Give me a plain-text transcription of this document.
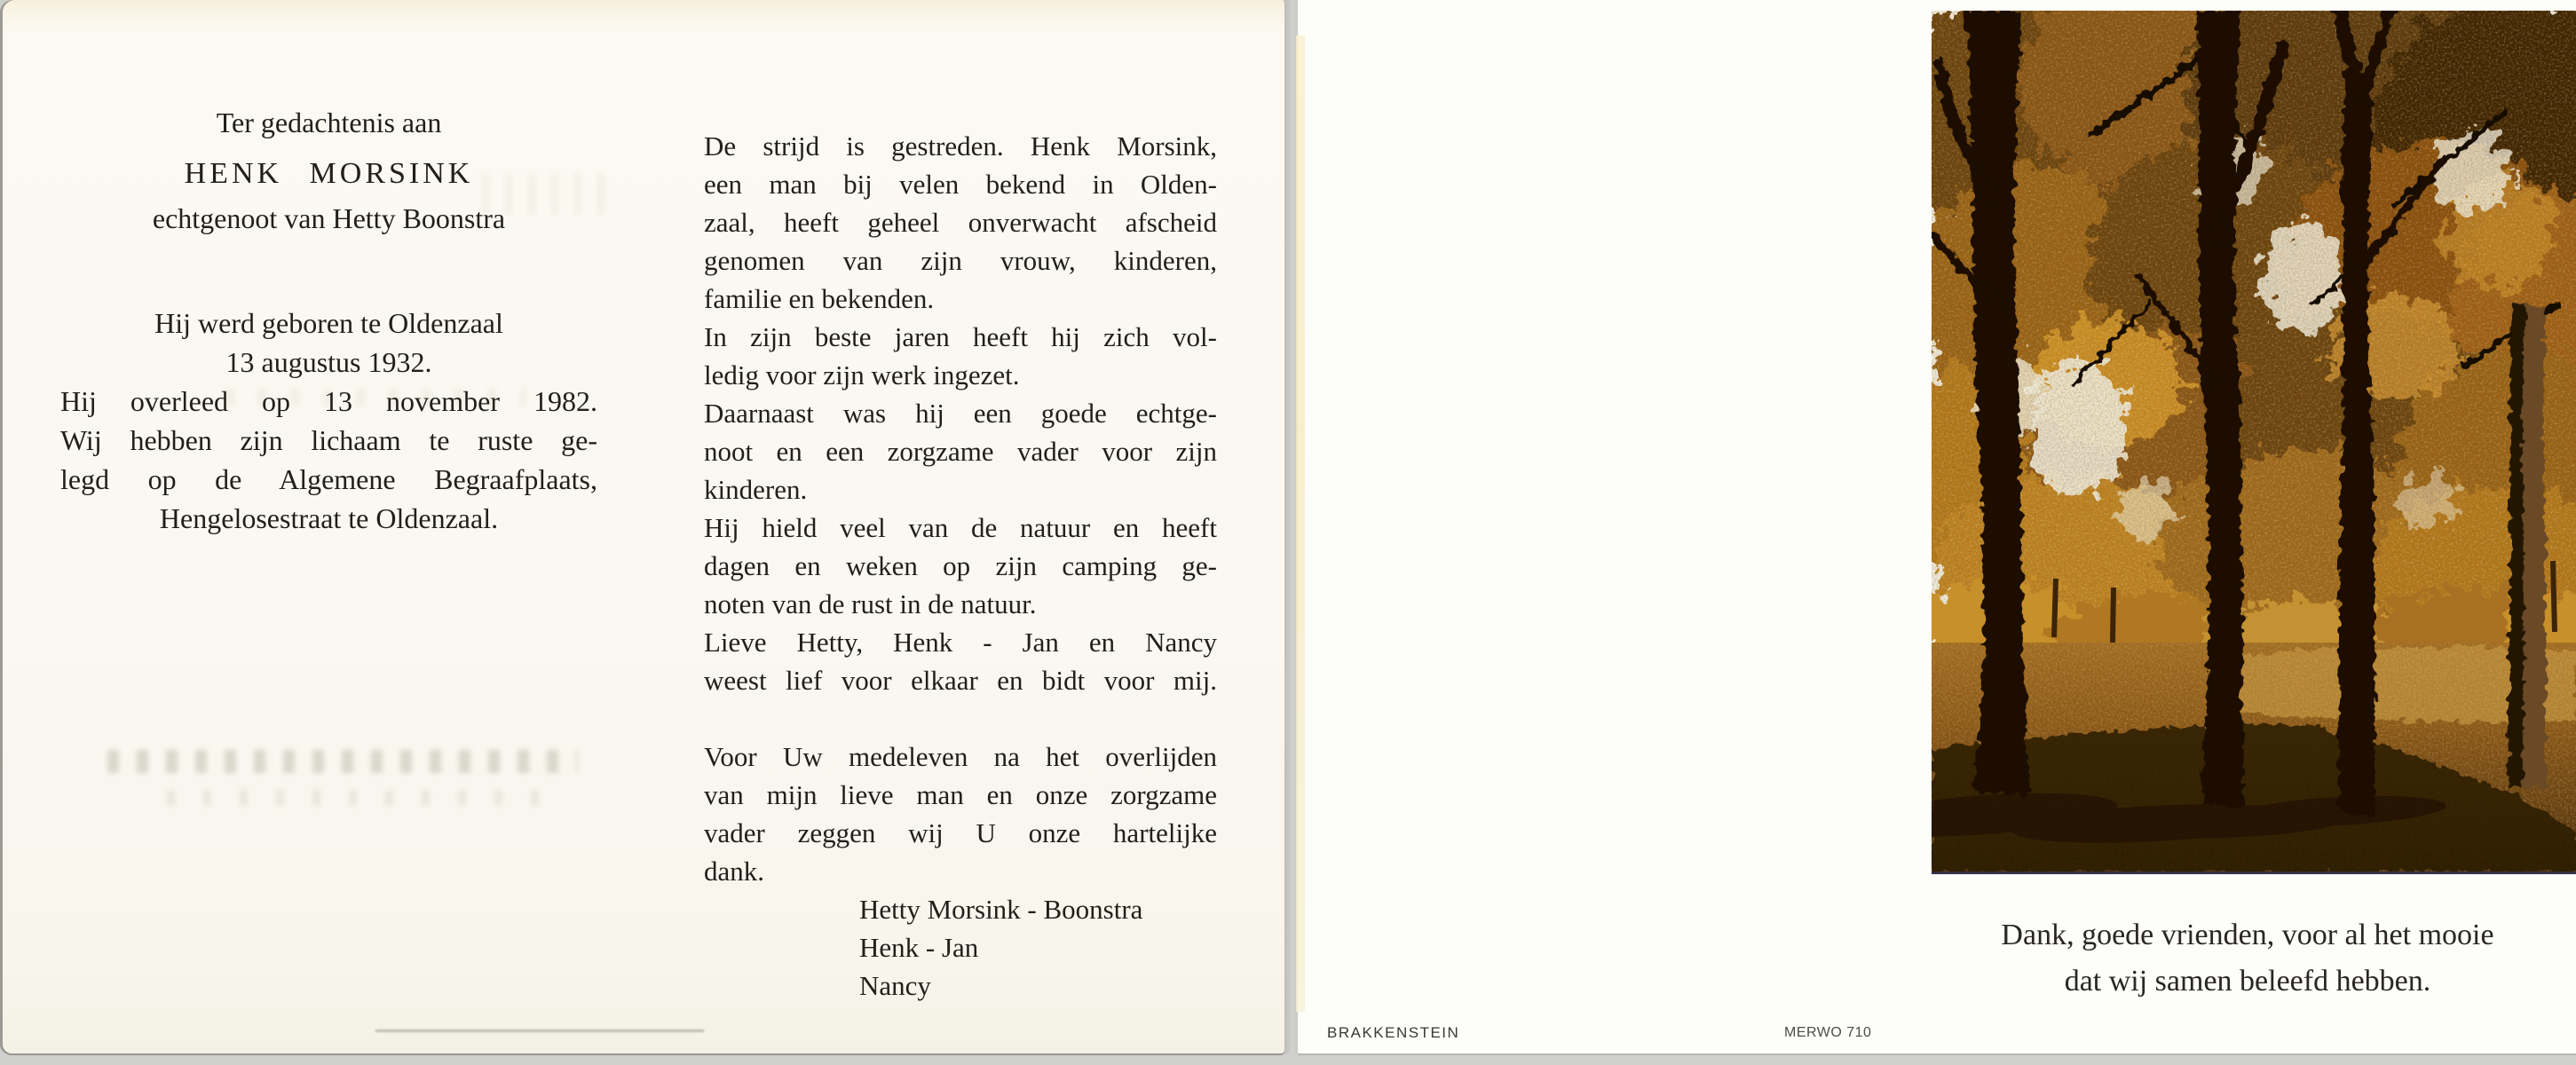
Ter gedachtenis aan
HENK MORSINK
echtgenoot van Hetty Boonstra
Hij werd geboren te Oldenzaal
13 augustus 1932.
Hij overleed op 13 november 1982.
Wij hebben zijn lichaam te ruste ge-
legd op de Algemene Begraafplaats,
Hengelosestraat te Oldenzaal.
De strijd is gestreden. Henk Morsink,
een man bij velen bekend in Olden-
zaal, heeft geheel onverwacht afscheid
genomen van zijn vrouw, kinderen,
familie en bekenden.
In zijn beste jaren heeft hij zich vol-
ledig voor zijn werk ingezet.
Daarnaast was hij een goede echtge-
noot en een zorgzame vader voor zijn
kinderen.
Hij hield veel van de natuur en heeft
dagen en weken op zijn camping ge-
noten van de rust in de natuur.
Lieve Hetty, Henk - Jan en Nancy
weest lief voor elkaar en bidt voor mij.
Voor Uw medeleven na het overlijden
van mijn lieve man en onze zorgzame
vader zeggen wij U onze hartelijke
dank.
Hetty Morsink - Boonstra
Henk - Jan
Nancy
Dank, goede vrienden, voor al het mooie
dat wij samen beleefd hebben.
BRAKKENSTEIN	MERWO 710
